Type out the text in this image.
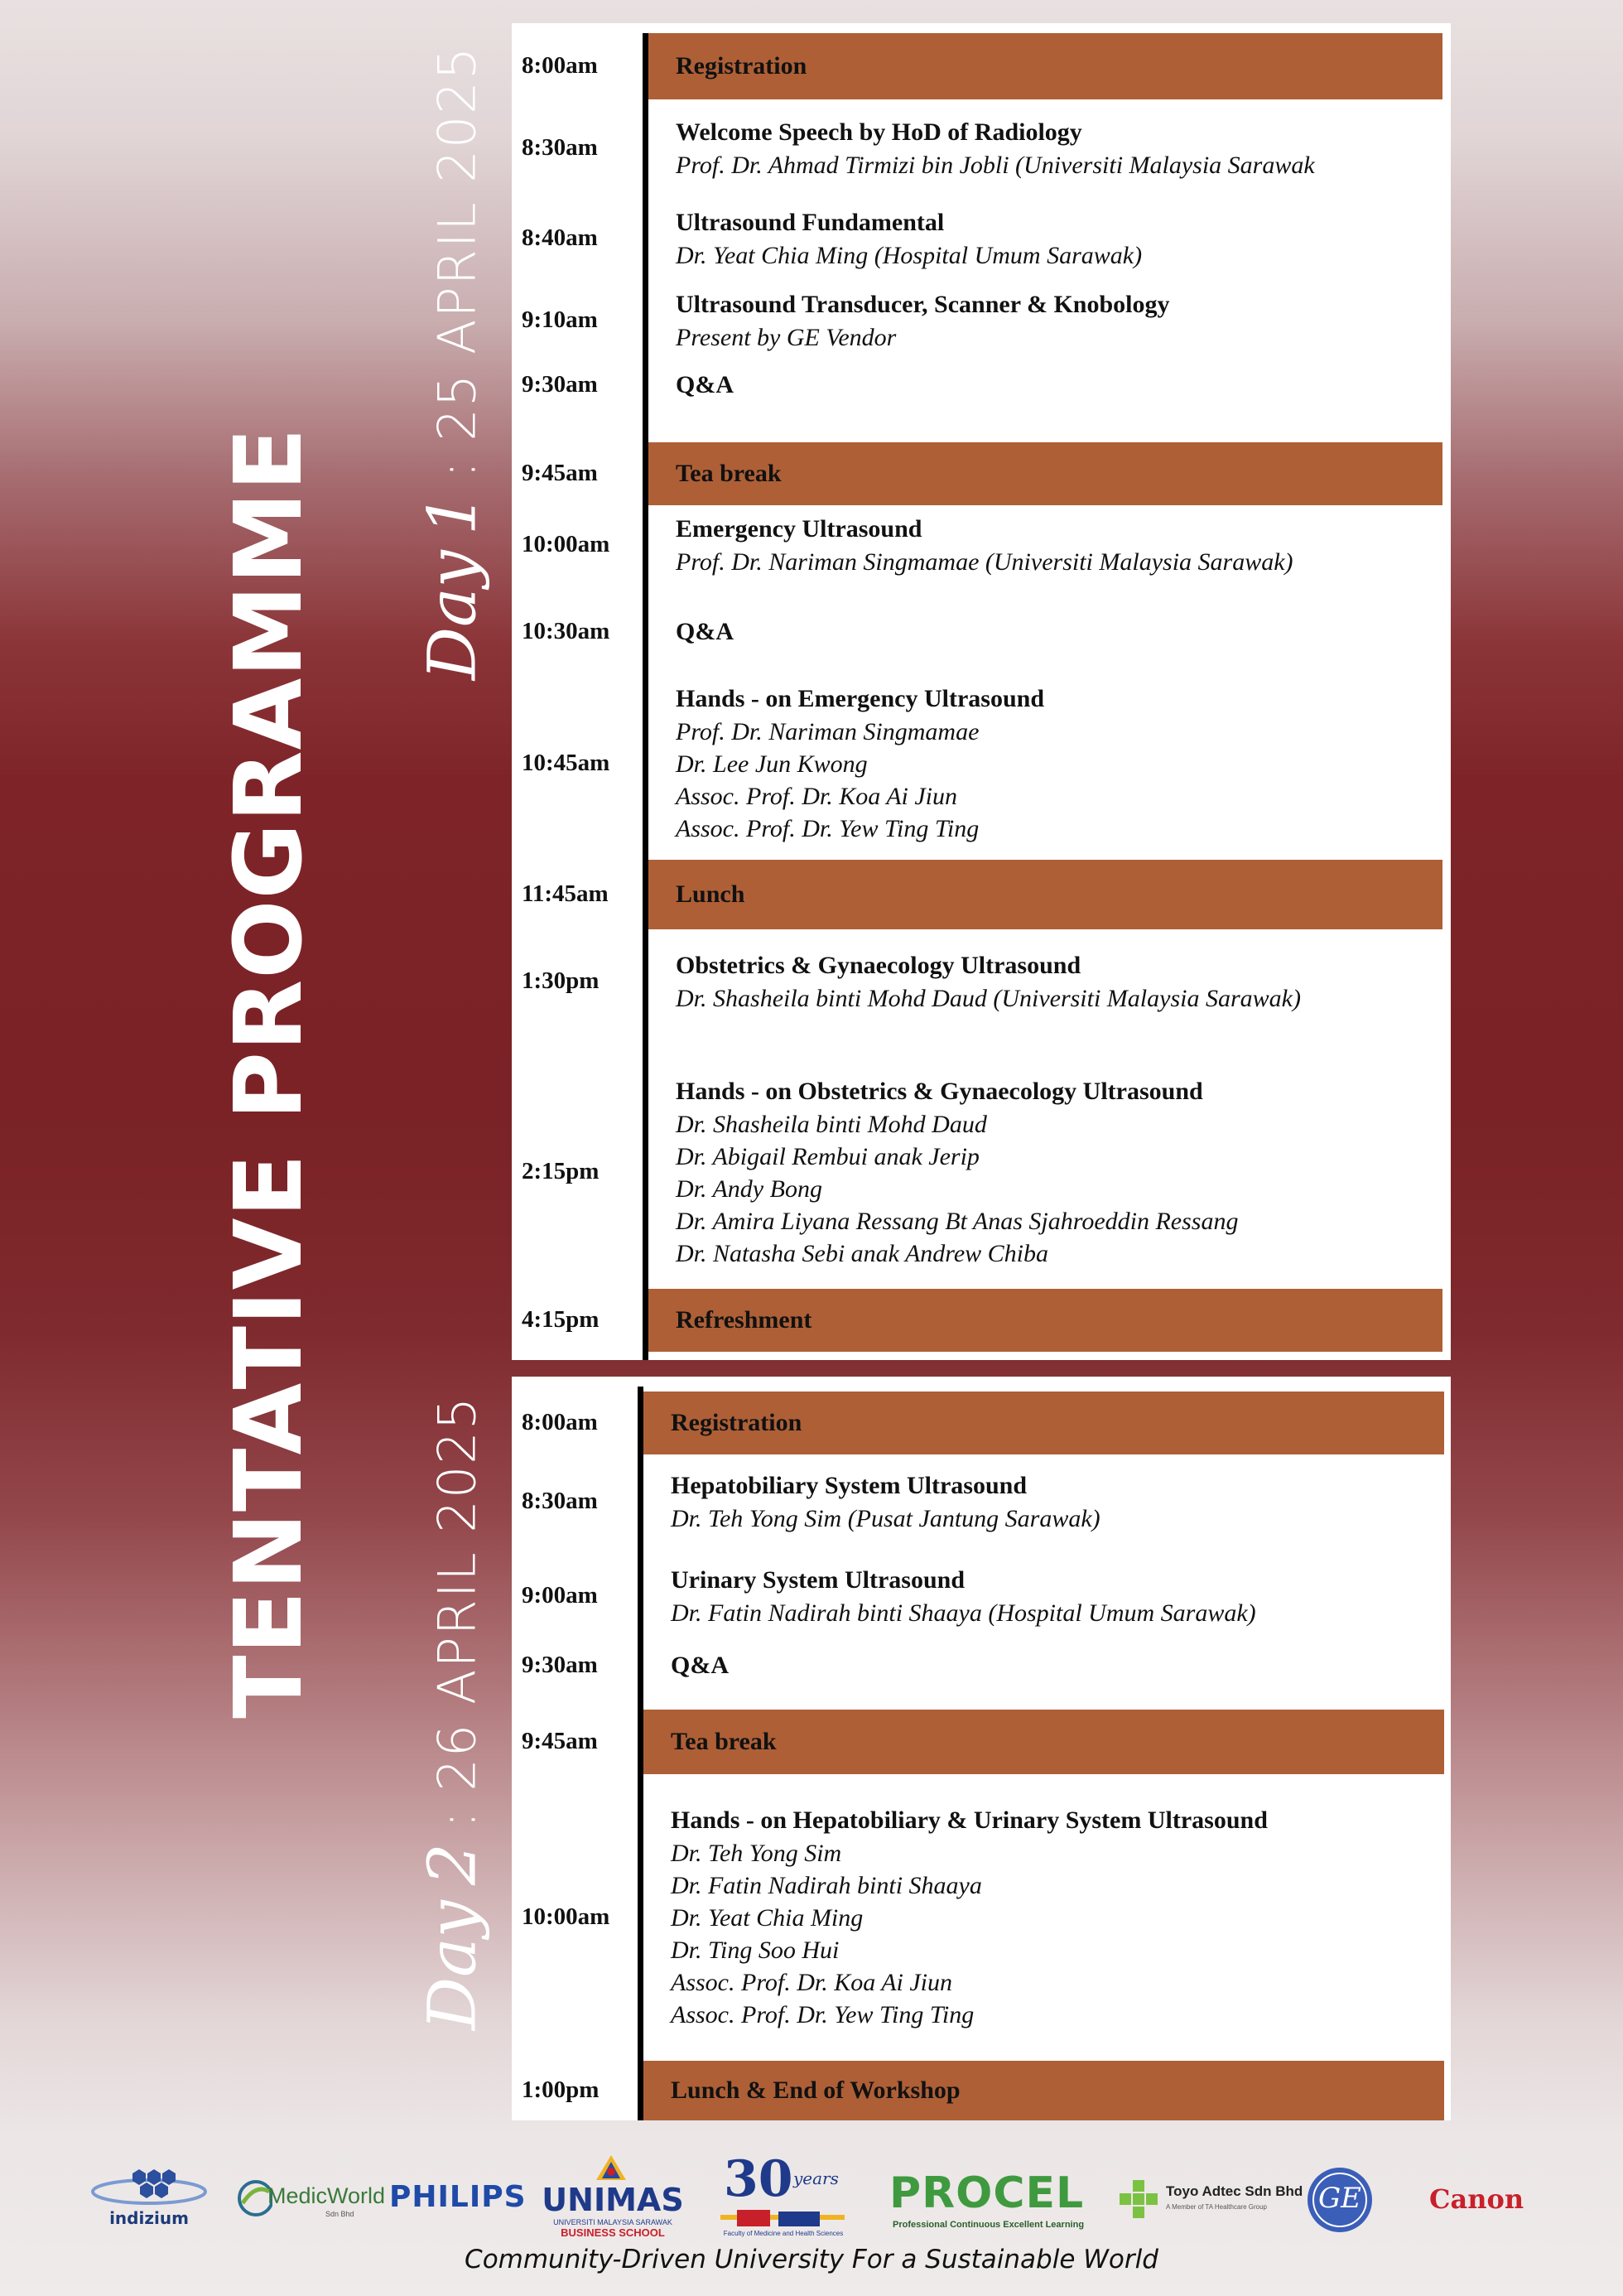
TENTATIVE PROGRAMME Day
1
: 25 APRIL 2025
Day
2
: 26 APRIL 2025
Registration
8:00am
Welcome Speech by HoD of Radiology
Prof. Dr. Ahmad Tirmizi bin Jobli (Universiti Malaysia Sarawak
8:30am
Ultrasound Fundamental
Dr. Yeat Chia Ming (Hospital Umum Sarawak)
8:40am
Ultrasound Transducer, Scanner & Knobology
Present by GE Vendor
9:10am
Q&A
9:30am
Tea break
9:45am
Emergency Ultrasound
Prof. Dr. Nariman Singmamae (Universiti Malaysia Sarawak)
10:00am
Q&A
10:30am
Hands - on Emergency Ultrasound
Prof. Dr. Nariman Singmamae
Dr. Lee Jun Kwong
Assoc. Prof. Dr. Koa Ai Jiun
Assoc. Prof. Dr. Yew Ting Ting
10:45am
Lunch
11:45am
Obstetrics & Gynaecology Ultrasound
Dr. Shasheila binti Mohd Daud (Universiti Malaysia Sarawak)
1:30pm
Hands - on Obstetrics & Gynaecology Ultrasound
Dr. Shasheila binti Mohd Daud
Dr. Abigail Rembui anak Jerip
Dr. Andy Bong
Dr. Amira Liyana Ressang Bt Anas Sjahroeddin Ressang
Dr. Natasha Sebi anak Andrew Chiba
2:15pm
Refreshment
4:15pm
Registration
8:00am
Hepatobiliary System Ultrasound
Dr. Teh Yong Sim (Pusat Jantung Sarawak)
8:30am
Urinary System Ultrasound
Dr. Fatin Nadirah binti Shaaya (Hospital Umum Sarawak)
9:00am
Q&A
9:30am
Tea break
9:45am
Hands - on Hepatobiliary & Urinary System Ultrasound
Dr. Teh Yong Sim
Dr. Fatin Nadirah binti Shaaya
Dr. Yeat Chia Ming
Dr. Ting Soo Hui
Assoc. Prof. Dr. Koa Ai Jiun
Assoc. Prof. Dr. Yew Ting Ting
10:00am
Lunch & End of Workshop
1:00pm
indizium
MedicWorld
Sdn Bhd PHILIPS UNIMAS
UNIVERSITI MALAYSIA SARAWAK
BUSINESS SCHOOL
30 years
Faculty of Medicine and Health Sciences
PROCEL
Professional Continuous Excellent Learning
Toyo Adtec Sdn Bhd
A Member of TA Healthcare Group	GE	Canon
Community-Driven University For a Sustainable World
